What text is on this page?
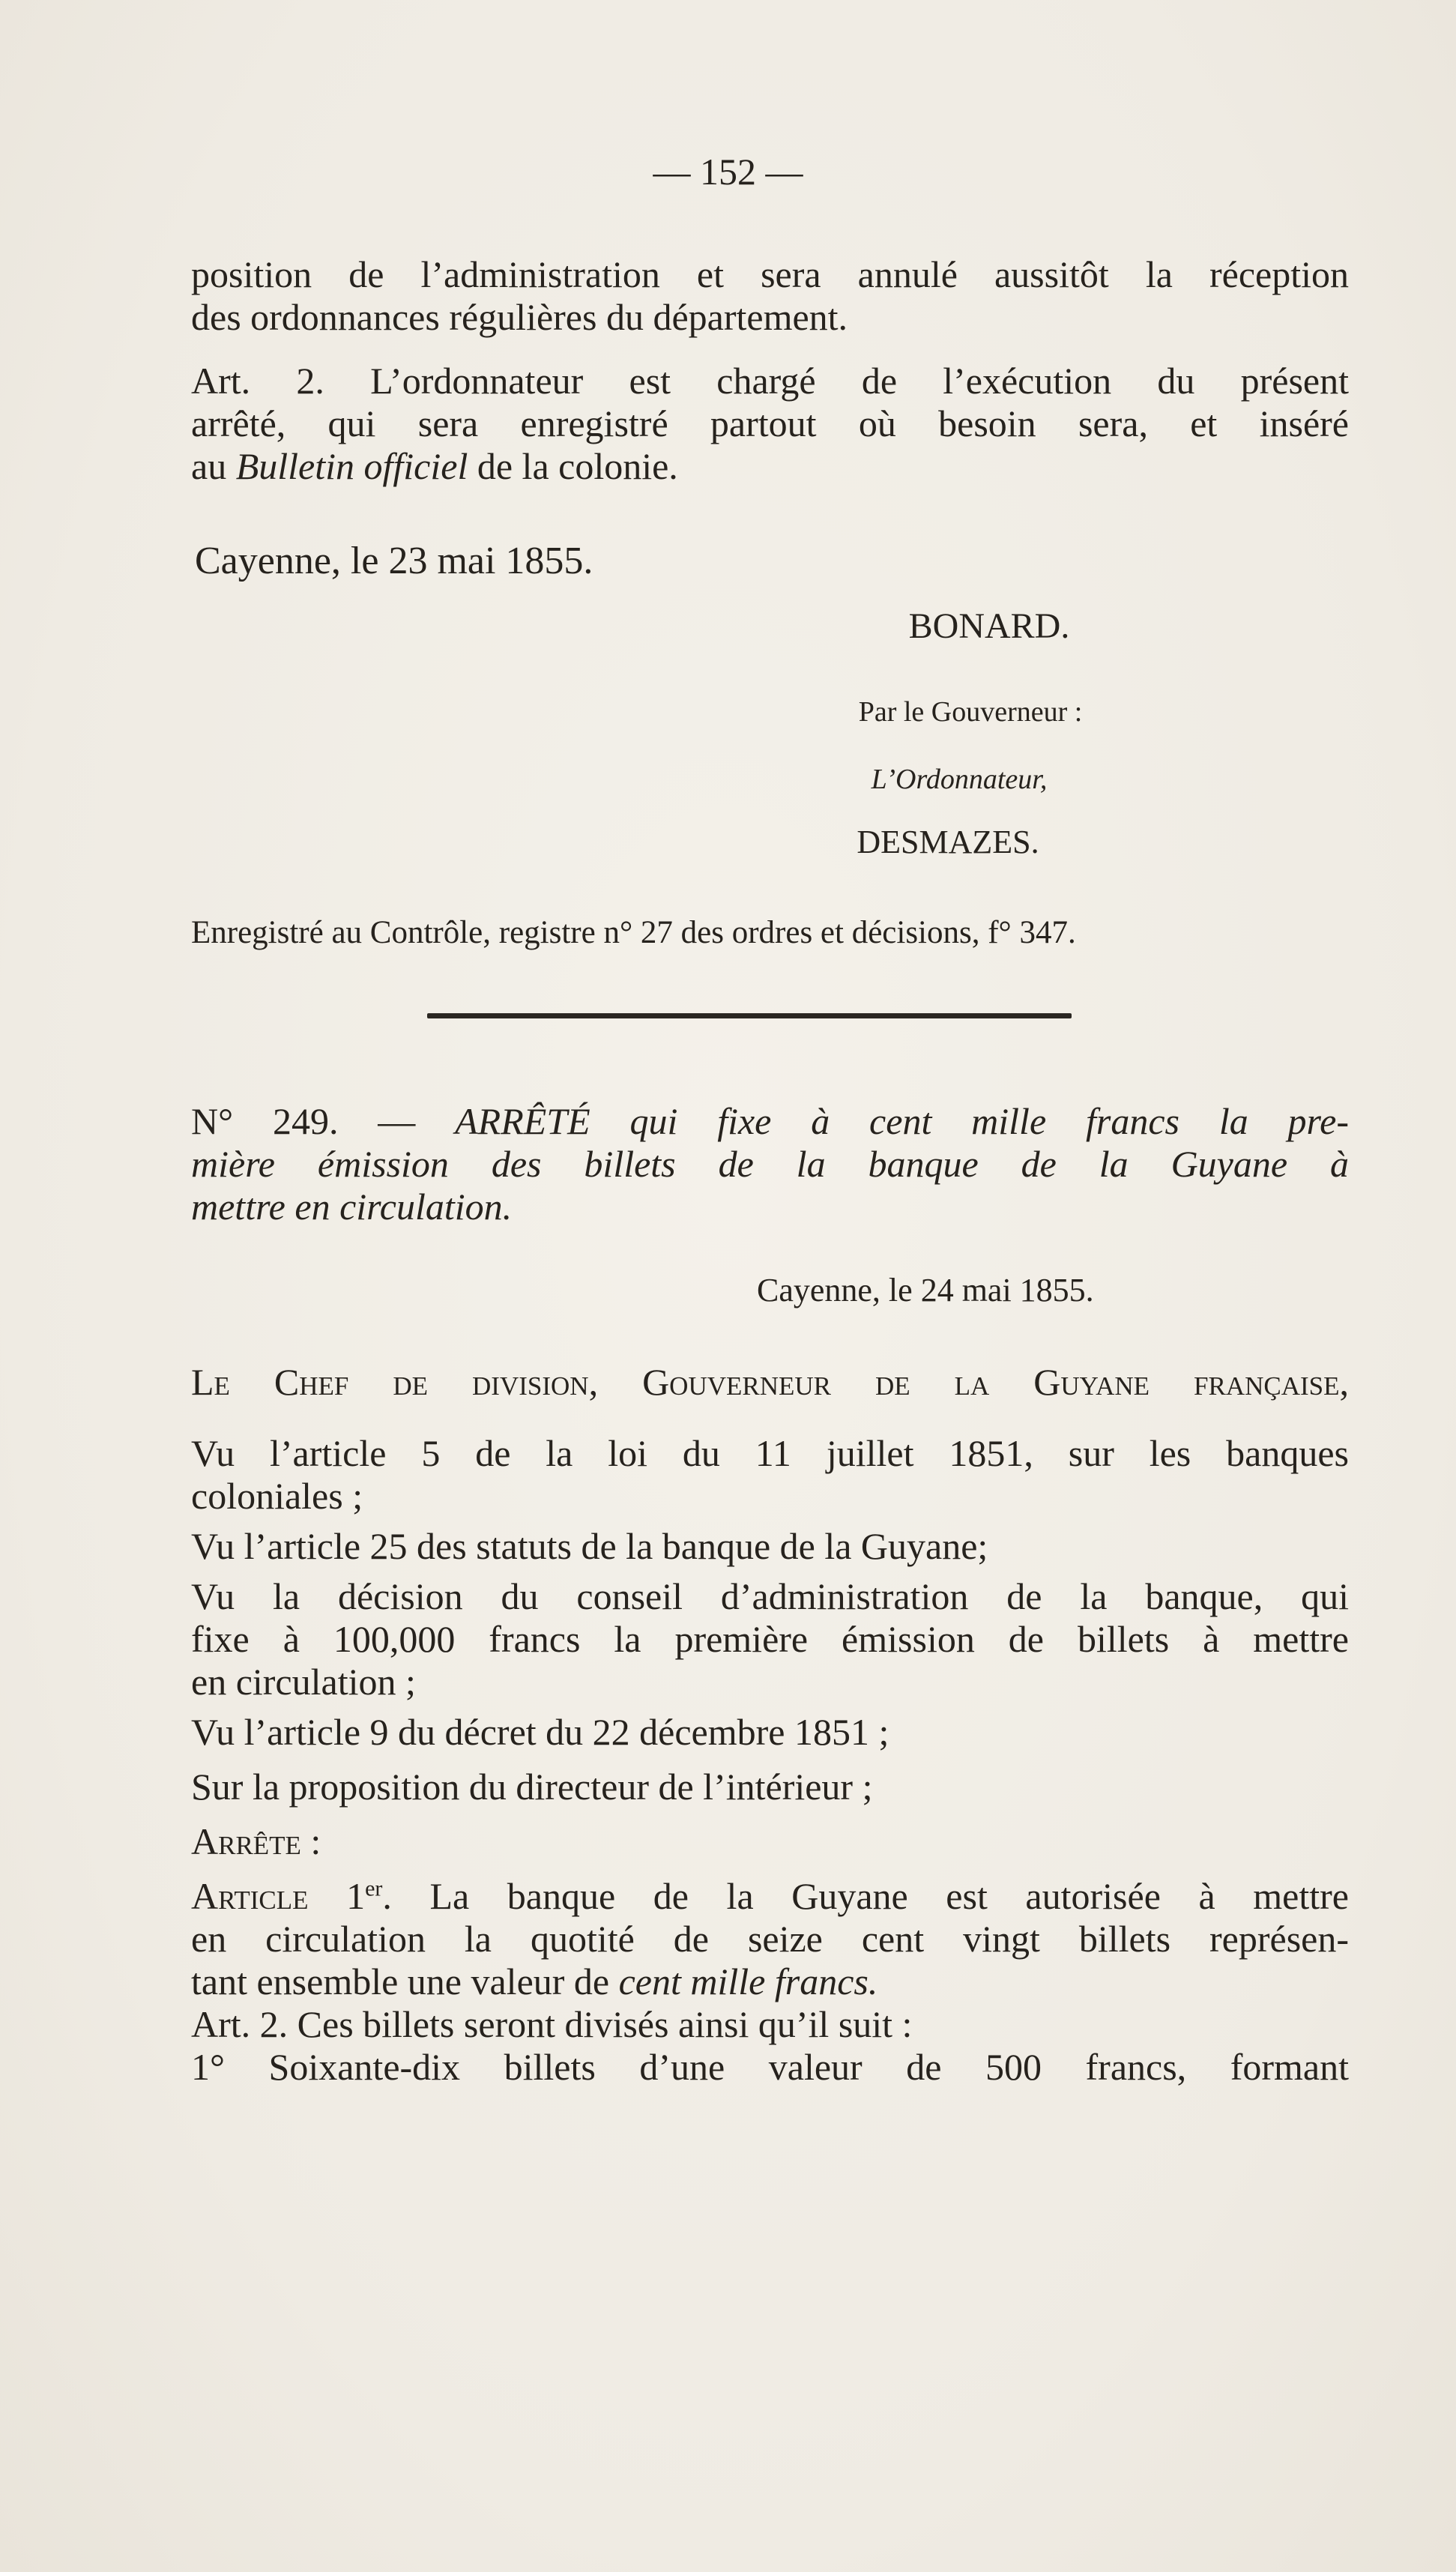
— 152 —
position de l’administration et sera annulé aussitôt la réception
des ordonnances régulières du département.
Art. 2. L’ordonnateur est chargé de l’exécution du présent
arrêté, qui sera enregistré partout où besoin sera, et inséré
au Bulletin officiel de la colonie.
Cayenne, le 23 mai 1855.
BONARD.
Par le Gouverneur :
L’Ordonnateur,
DESMAZES.
Enregistré au Contrôle, registre n° 27 des ordres et décisions, f° 347.
N° 249. — ARRÊTÉ qui fixe à cent mille francs la pre-
mière émission des billets de la banque de la Guyane à
mettre en circulation.
Cayenne, le 24 mai 1855.
Le Chef de division, Gouverneur de la Guyane française,
Vu l’article 5 de la loi du 11 juillet 1851, sur les banques
coloniales ;
Vu l’article 25 des statuts de la banque de la Guyane;
Vu la décision du conseil d’administration de la banque, qui
fixe à 100,000 francs la première émission de billets à mettre
en circulation ;
Vu l’article 9 du décret du 22 décembre 1851 ;
Sur la proposition du directeur de l’intérieur ;
Arrête :
Article 1er. La banque de la Guyane est autorisée à mettre
en circulation la quotité de seize cent vingt billets représen-
tant ensemble une valeur de cent mille francs.
Art. 2. Ces billets seront divisés ainsi qu’il suit :
1° Soixante-dix billets d’une valeur de 500 francs, formant
